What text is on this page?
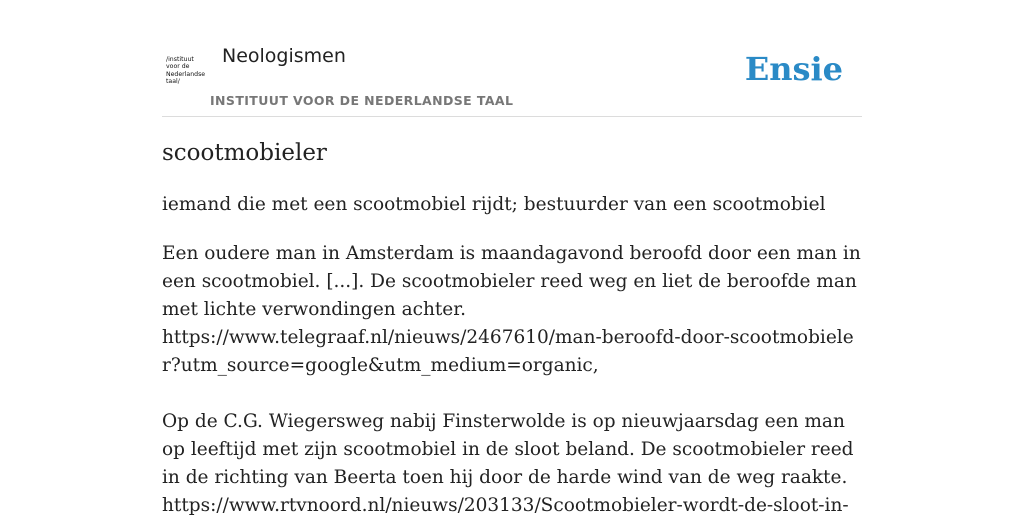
/instituut
voor de
Nederlandse
taal/
Neologismen
INSTITUUT VOOR DE NEDERLANDSE TAAL
Ensie
scootmobieler

iemand die met een scootmobiel rijdt; bestuurder van een scootmobiel

Een oudere man in Amsterdam is maandagavond beroofd door een man in een scootmobiel. [...]. De scootmobieler reed weg en liet de beroofde man met lichte verwondingen achter.

https://www.telegraaf.nl/nieuws/2467610/man-beroofd-door-scootmobieler?utm_source=google&utm_medium=organic,

Op de C.G. Wiegersweg nabij Finsterwolde is op nieuwjaarsdag een man op leeftijd met zijn scootmobiel in de sloot beland. De scootmobieler reed in de richting van Beerta toen hij door de harde wind van de weg raakte.

https://www.rtvnoord.nl/nieuws/203133/Scootmobieler-wordt-de-sloot-in-
